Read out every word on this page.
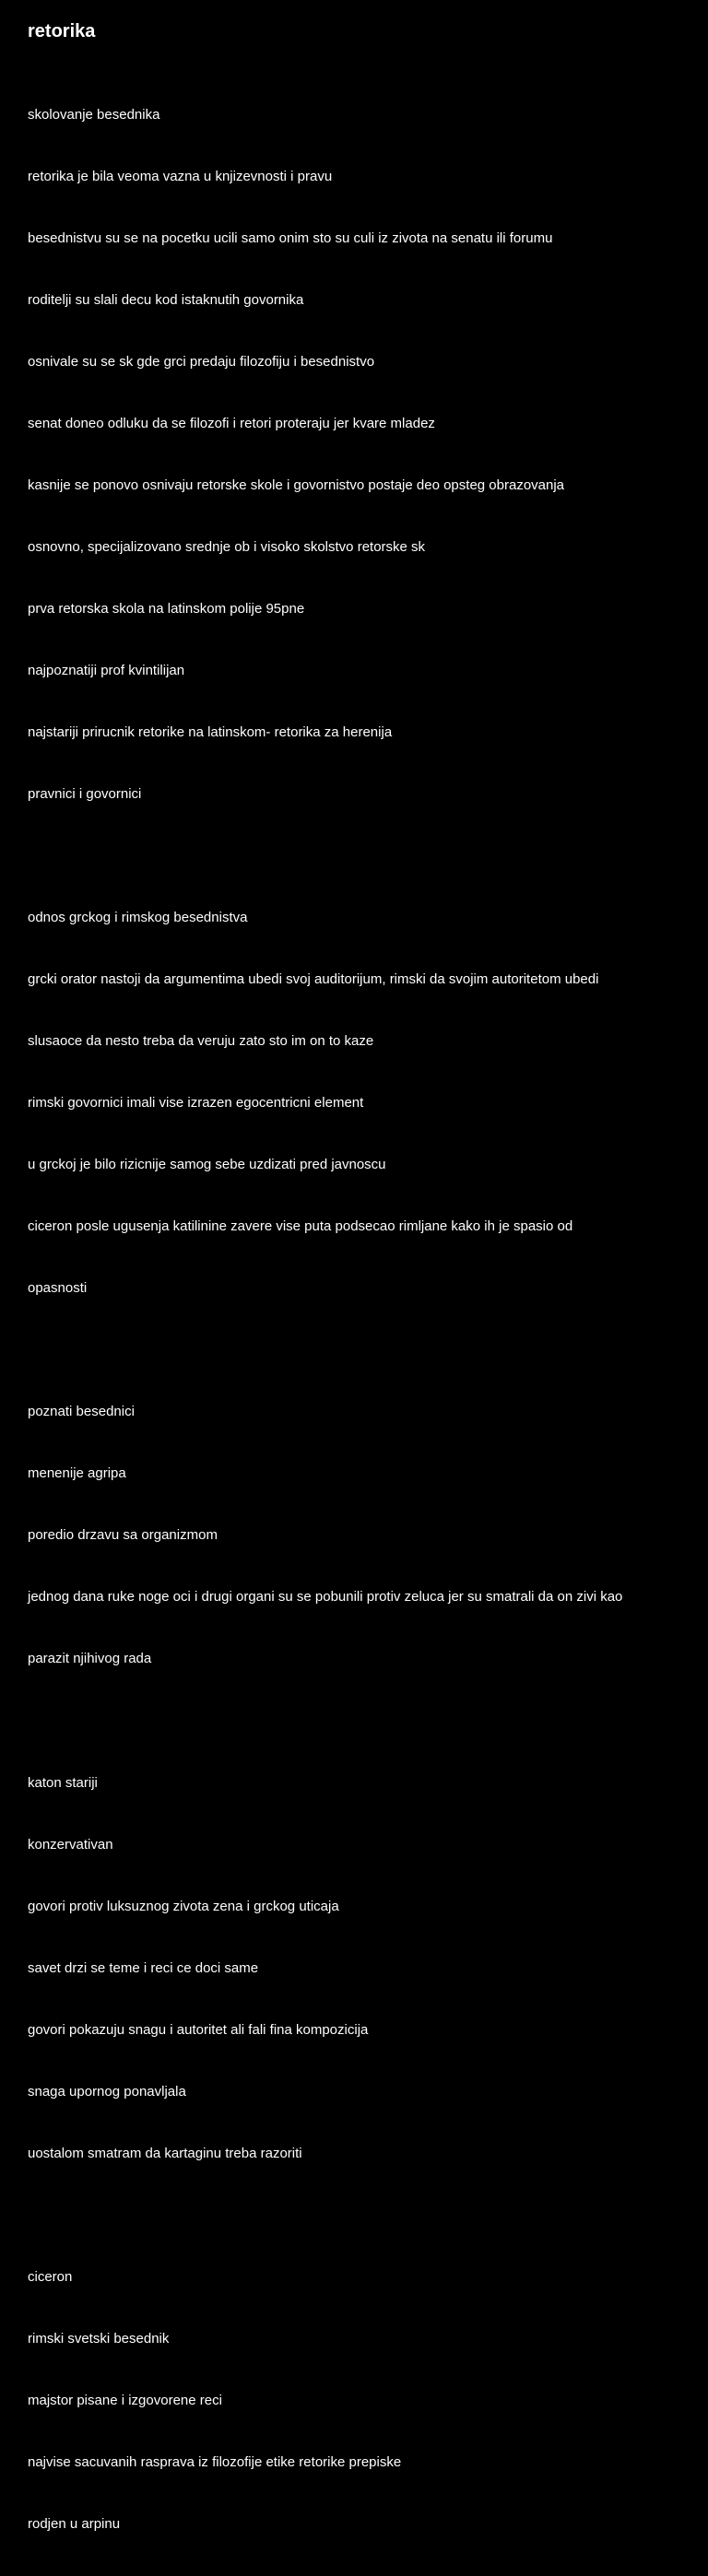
retorika

skolovanje besednika

retorika je bila veoma vazna u knjizevnosti i pravu

besednistvu su se na pocetku ucili samo onim sto su culi iz zivota na senatu ili forumu

roditelji su slali decu kod istaknutih govornika

osnivale su se sk gde grci predaju filozofiju i besednistvo

senat doneo odluku da se filozofi i retori proteraju jer kvare mladez

kasnije se ponovo osnivaju retorske skole i govornistvo postaje deo opsteg obrazovanja

osnovno, specijalizovano srednje ob i visoko skolstvo retorske sk

prva retorska skola na latinskom polije 95pne

najpoznatiji prof kvintilijan

najstariji prirucnik retorike na latinskom- retorika za herenija

pravnici i govornici

odnos grckog i rimskog besednistva

grcki orator nastoji da argumentima ubedi svoj auditorijum, rimski da svojim autoritetom ubedi

slusaoce da nesto treba da veruju zato sto im on to kaze

rimski govornici imali vise izrazen egocentricni element

u grckoj je bilo rizicnije samog sebe uzdizati pred javnoscu

ciceron posle ugusenja katilinine zavere vise puta podsecao rimljane kako ih je spasio od

opasnosti

poznati besednici

menenije agripa

poredio drzavu sa organizmom

jednog dana ruke noge oci i drugi organi su se pobunili protiv zeluca jer su smatrali da on zivi kao

parazit njihivog rada

katon stariji

konzervativan

govori protiv luksuznog zivota zena i grckog uticaja

savet drzi se teme i reci ce doci same

govori pokazuju snagu i autoritet ali fali fina kompozicija

snaga upornog ponavljala

uostalom smatram da kartaginu treba razoriti

ciceron

rimski svetski besednik

majstor pisane i izgovorene reci

najvise sacuvanih rasprava iz filozofije etike retorike prepiske

rodjen u arpinu
